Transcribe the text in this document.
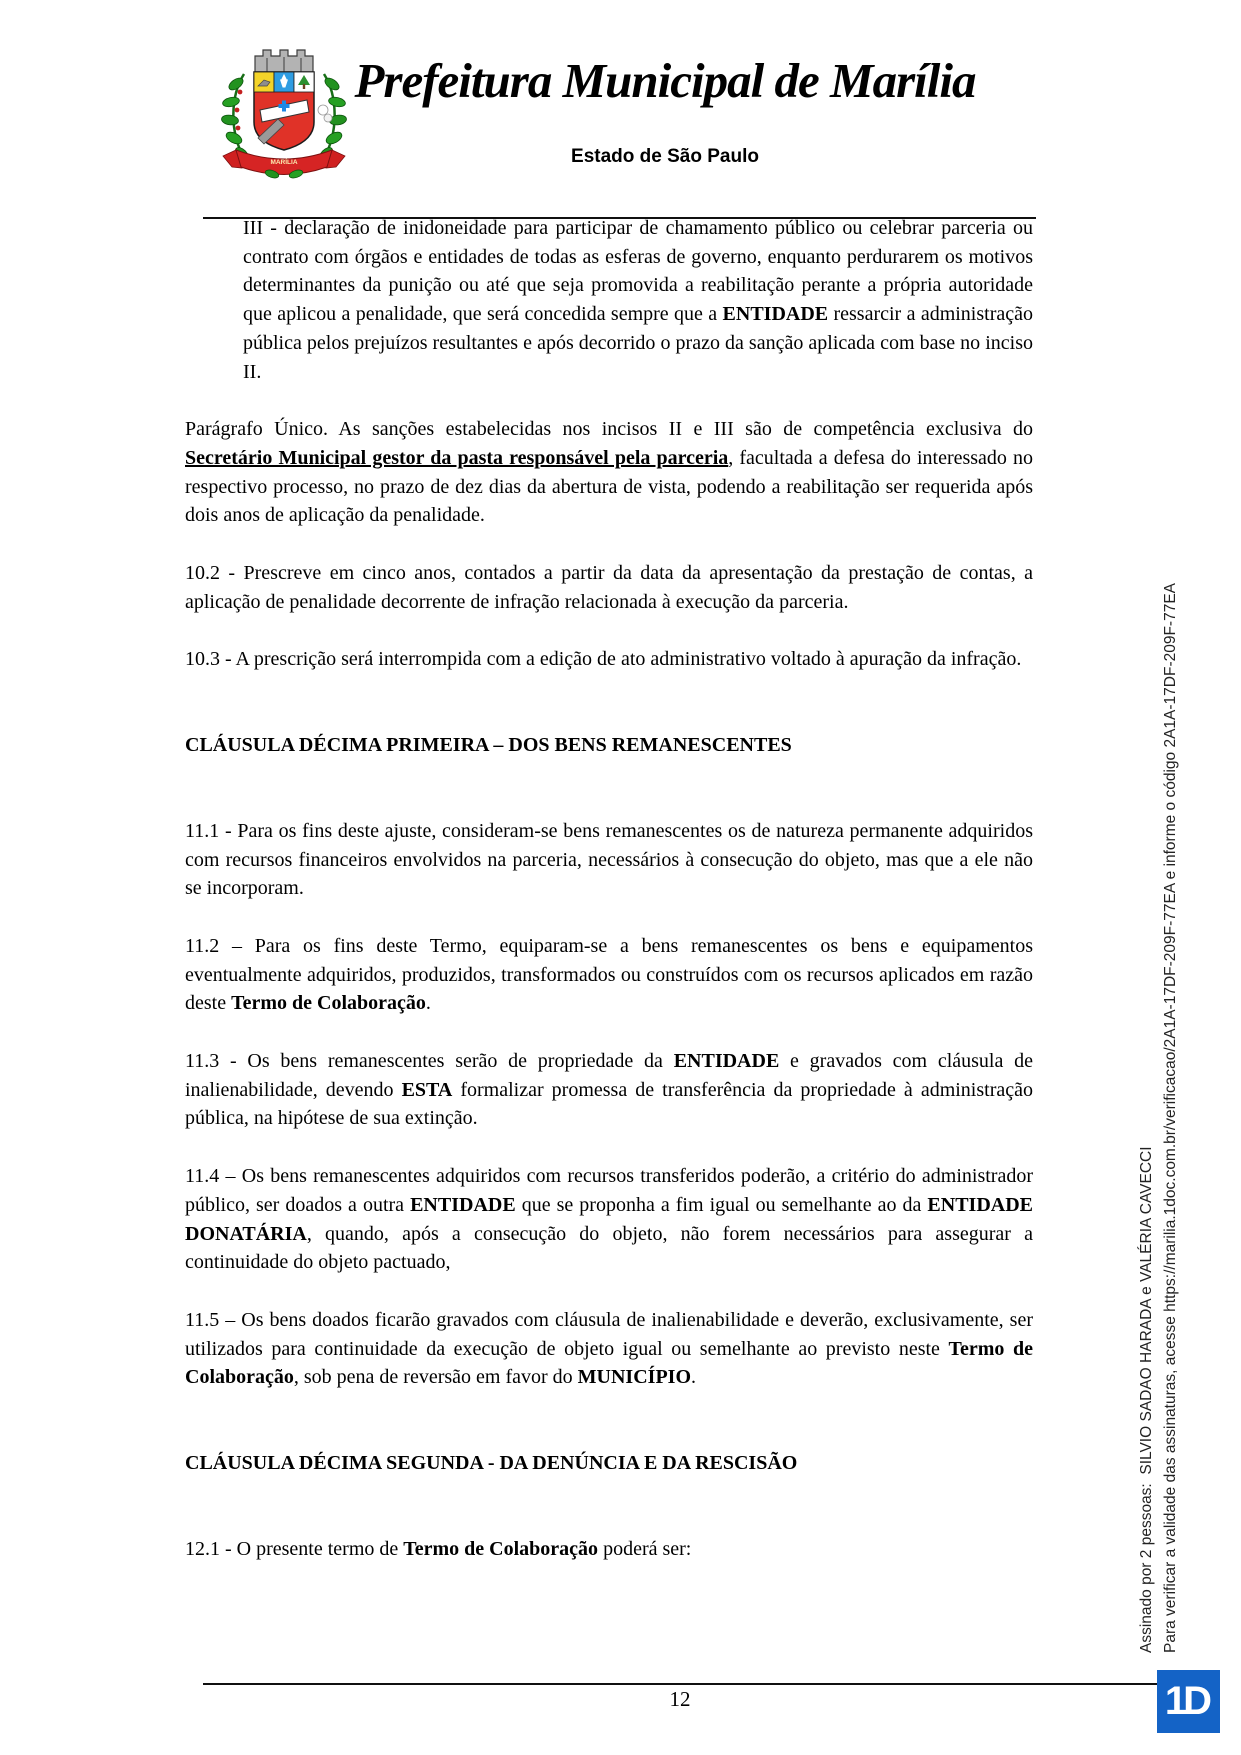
MARÍLIA
Prefeitura Municipal de Marília
Estado de São Paulo
III - declaração de inidoneidade para participar de chamamento público ou celebrar parceria ou contrato com órgãos e entidades de todas as esferas de governo, enquanto perdurarem os motivos determinantes da punição ou até que seja promovida a reabilitação perante a própria autoridade que aplicou a penalidade, que será concedida sempre que a ENTIDADE ressarcir a administração pública pelos prejuízos resultantes e após decorrido o prazo da sanção aplicada com base no inciso II.
Parágrafo Único. As sanções estabelecidas nos incisos II e III são de competência exclusiva do Secretário Municipal gestor da pasta responsável pela parceria, facultada a defesa do interessado no respectivo processo, no prazo de dez dias da abertura de vista, podendo a reabilitação ser requerida após dois anos de aplicação da penalidade.
10.2 - Prescreve em cinco anos, contados a partir da data da apresentação da prestação de contas, a aplicação de penalidade decorrente de infração relacionada à execução da parceria.
10.3 - A prescrição será interrompida com a edição de ato administrativo voltado à apuração da infração.
CLÁUSULA DÉCIMA PRIMEIRA – DOS BENS REMANESCENTES
11.1 - Para os fins deste ajuste, consideram-se bens remanescentes os de natureza permanente adquiridos com recursos financeiros envolvidos na parceria, necessários à consecução do objeto, mas que a ele não se incorporam.
11.2 – Para os fins deste Termo, equiparam-se a bens remanescentes os bens e equipamentos eventualmente adquiridos, produzidos, transformados ou construídos com os recursos aplicados em razão deste Termo de Colaboração.
11.3 - Os bens remanescentes serão de propriedade da ENTIDADE e gravados com cláusula de inalienabilidade, devendo ESTA formalizar promessa de transferência da propriedade à administração pública, na hipótese de sua extinção.
11.4 – Os bens remanescentes adquiridos com recursos transferidos poderão, a critério do administrador público, ser doados a outra ENTIDADE que se proponha a fim igual ou semelhante ao da ENTIDADE DONATÁRIA, quando, após a consecução do objeto, não forem necessários para assegurar a continuidade do objeto pactuado,
11.5 – Os bens doados ficarão gravados com cláusula de inalienabilidade e deverão, exclusivamente, ser utilizados para continuidade da execução de objeto igual ou semelhante ao previsto neste Termo de Colaboração, sob pena de reversão em favor do MUNICÍPIO.
CLÁUSULA DÉCIMA SEGUNDA - DA DENÚNCIA E DA RESCISÃO
12.1 - O presente termo de Termo de Colaboração poderá ser:	Assinado por 2 pessoas:  SILVIO SADAO HARADA e VALÉRIA CAVECCI Para verificar a validade das assinaturas, acesse https://marilia.1doc.com.br/verificacao/2A1A-17DF-209F-77EA e informe o código 2A1A-17DF-209F-77EA
12	1D
